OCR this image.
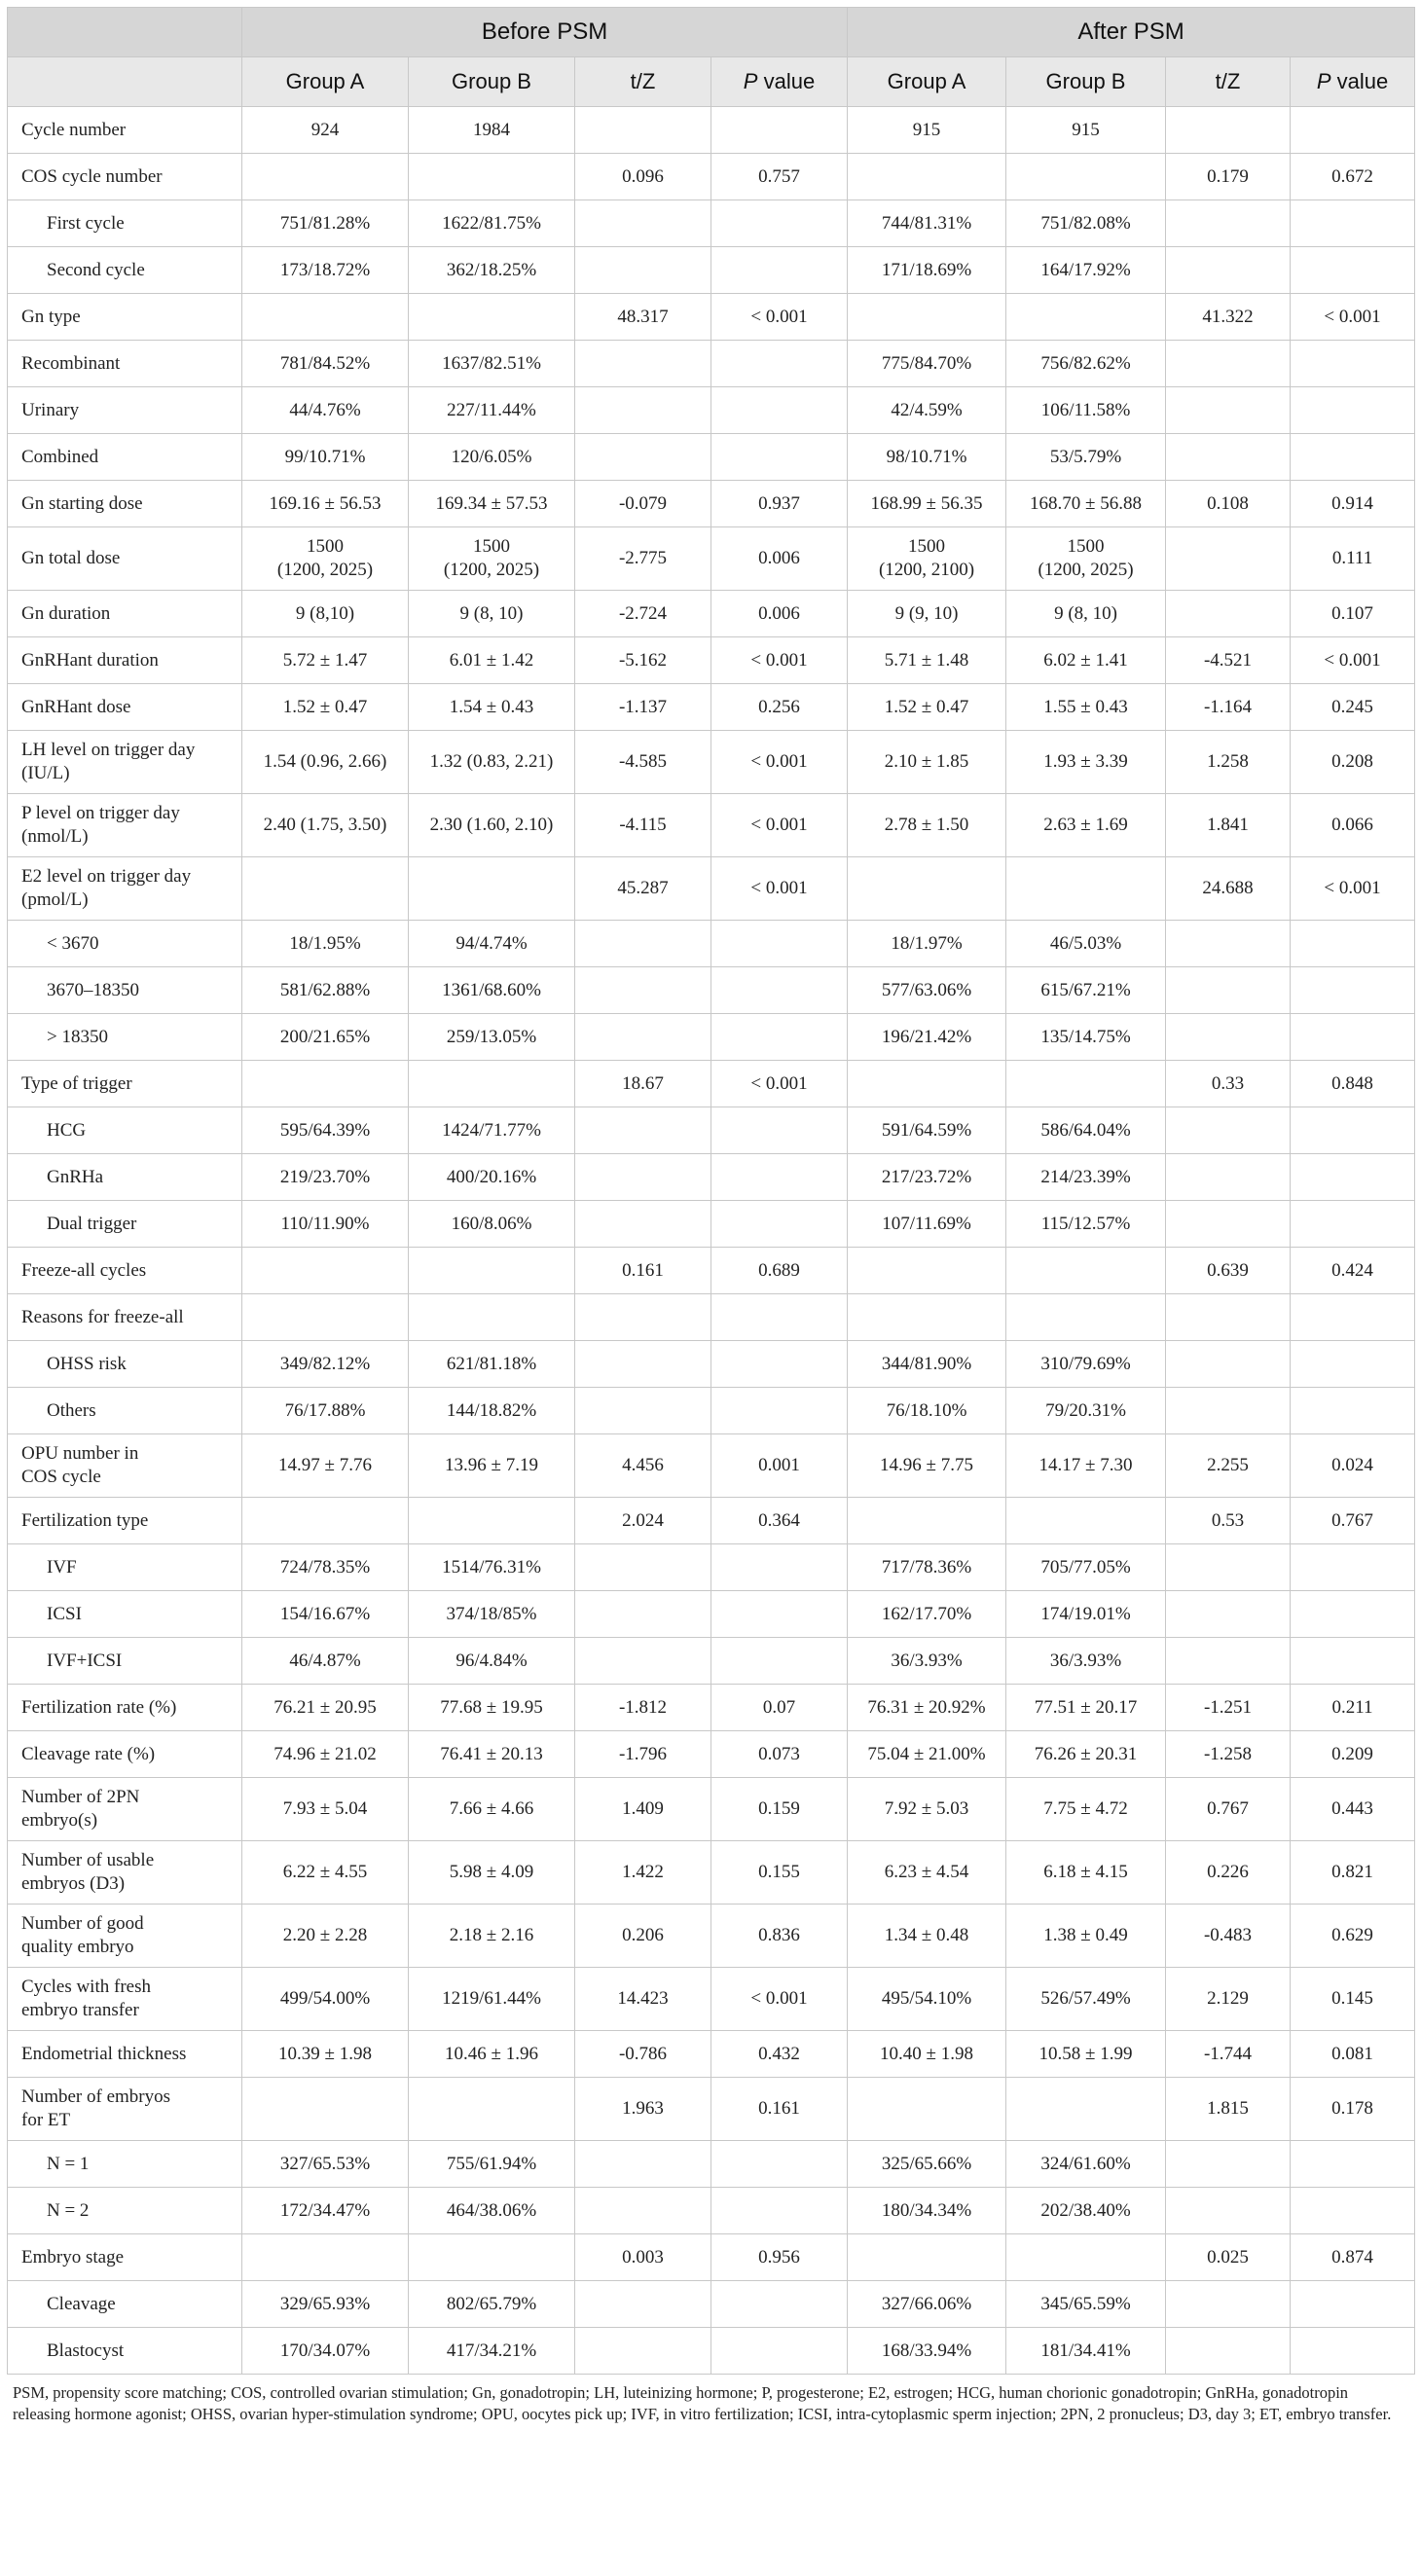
	Before PSM				After PSM			
	Group A	Group B	t/Z	P value	Group A	Group B	t/Z	P value
Cycle number	924	1984			915	915		
COS cycle number			0.096	0.757			0.179	0.672
First cycle	751/81.28%	1622/81.75%			744/81.31%	751/82.08%		
Second cycle	173/18.72%	362/18.25%			171/18.69%	164/17.92%		
Gn type			48.317	< 0.001			41.322	< 0.001
Recombinant	781/84.52%	1637/82.51%			775/84.70%	756/82.62%		
Urinary	44/4.76%	227/11.44%			42/4.59%	106/11.58%		
Combined	99/10.71%	120/6.05%			98/10.71%	53/5.79%		
Gn starting dose	169.16 ± 56.53	169.34 ± 57.53	-0.079	0.937	168.99 ± 56.35	168.70 ± 56.88	0.108	0.914
Gn total dose	1500
(1200, 2025)	1500
(1200, 2025)	-2.775	0.006	1500
(1200, 2100)	1500
(1200, 2025)		0.111
Gn duration	9 (8,10)	9 (8, 10)	-2.724	0.006	9 (9, 10)	9 (8, 10)		0.107
GnRHant duration	5.72 ± 1.47	6.01 ± 1.42	-5.162	< 0.001	5.71 ± 1.48	6.02 ± 1.41	-4.521	< 0.001
GnRHant dose	1.52 ± 0.47	1.54 ± 0.43	-1.137	0.256	1.52 ± 0.47	1.55 ± 0.43	-1.164	0.245
LH level on trigger day
(IU/L)	1.54 (0.96, 2.66)	1.32 (0.83, 2.21)	-4.585	< 0.001	2.10 ± 1.85	1.93 ± 3.39	1.258	0.208
P level on trigger day
(nmol/L)	2.40 (1.75, 3.50)	2.30 (1.60, 2.10)	-4.115	< 0.001	2.78 ± 1.50	2.63 ± 1.69	1.841	0.066
E2 level on trigger day
(pmol/L)			45.287	< 0.001			24.688	< 0.001
< 3670	18/1.95%	94/4.74%			18/1.97%	46/5.03%		
3670–18350	581/62.88%	1361/68.60%			577/63.06%	615/67.21%		
> 18350	200/21.65%	259/13.05%			196/21.42%	135/14.75%		
Type of trigger			18.67	< 0.001			0.33	0.848
HCG	595/64.39%	1424/71.77%			591/64.59%	586/64.04%		
GnRHa	219/23.70%	400/20.16%			217/23.72%	214/23.39%		
Dual trigger	110/11.90%	160/8.06%			107/11.69%	115/12.57%		
Freeze-all cycles			0.161	0.689			0.639	0.424
Reasons for freeze-all								
OHSS risk	349/82.12%	621/81.18%			344/81.90%	310/79.69%		
Others	76/17.88%	144/18.82%			76/18.10%	79/20.31%		
OPU number in
COS cycle	14.97 ± 7.76	13.96 ± 7.19	4.456	0.001	14.96 ± 7.75	14.17 ± 7.30	2.255	0.024
Fertilization type			2.024	0.364			0.53	0.767
IVF	724/78.35%	1514/76.31%			717/78.36%	705/77.05%		
ICSI	154/16.67%	374/18/85%			162/17.70%	174/19.01%		
IVF+ICSI	46/4.87%	96/4.84%			36/3.93%	36/3.93%		
Fertilization rate (%)	76.21 ± 20.95	77.68 ± 19.95	-1.812	0.07	76.31 ± 20.92%	77.51 ± 20.17	-1.251	0.211
Cleavage rate (%)	74.96 ± 21.02	76.41 ± 20.13	-1.796	0.073	75.04 ± 21.00%	76.26 ± 20.31	-1.258	0.209
Number of 2PN
embryo(s)	7.93 ± 5.04	7.66 ± 4.66	1.409	0.159	7.92 ± 5.03	7.75 ± 4.72	0.767	0.443
Number of usable
embryos (D3)	6.22 ± 4.55	5.98 ± 4.09	1.422	0.155	6.23 ± 4.54	6.18 ± 4.15	0.226	0.821
Number of good
quality embryo	2.20 ± 2.28	2.18 ± 2.16	0.206	0.836	1.34 ± 0.48	1.38 ± 0.49	-0.483	0.629
Cycles with fresh
embryo transfer	499/54.00%	1219/61.44%	14.423	< 0.001	495/54.10%	526/57.49%	2.129	0.145
Endometrial thickness	10.39 ± 1.98	10.46 ± 1.96	-0.786	0.432	10.40 ± 1.98	10.58 ± 1.99	-1.744	0.081
Number of embryos
for ET			1.963	0.161			1.815	0.178
N = 1	327/65.53%	755/61.94%			325/65.66%	324/61.60%		
N = 2	172/34.47%	464/38.06%			180/34.34%	202/38.40%		
Embryo stage			0.003	0.956			0.025	0.874
Cleavage	329/65.93%	802/65.79%			327/66.06%	345/65.59%		
Blastocyst	170/34.07%	417/34.21%			168/33.94%	181/34.41%		
PSM, propensity score matching; COS, controlled ovarian stimulation; Gn, gonadotropin; LH, luteinizing hormone; P, progesterone; E2, estrogen; HCG, human chorionic gonadotropin; GnRHa, gonadotropin releasing hormone agonist; OHSS, ovarian hyper-stimulation syndrome; OPU, oocytes pick up; IVF, in vitro fertilization; ICSI, intra-cytoplasmic sperm injection; 2PN, 2 pronucleus; D3, day 3; ET, embryo transfer.
